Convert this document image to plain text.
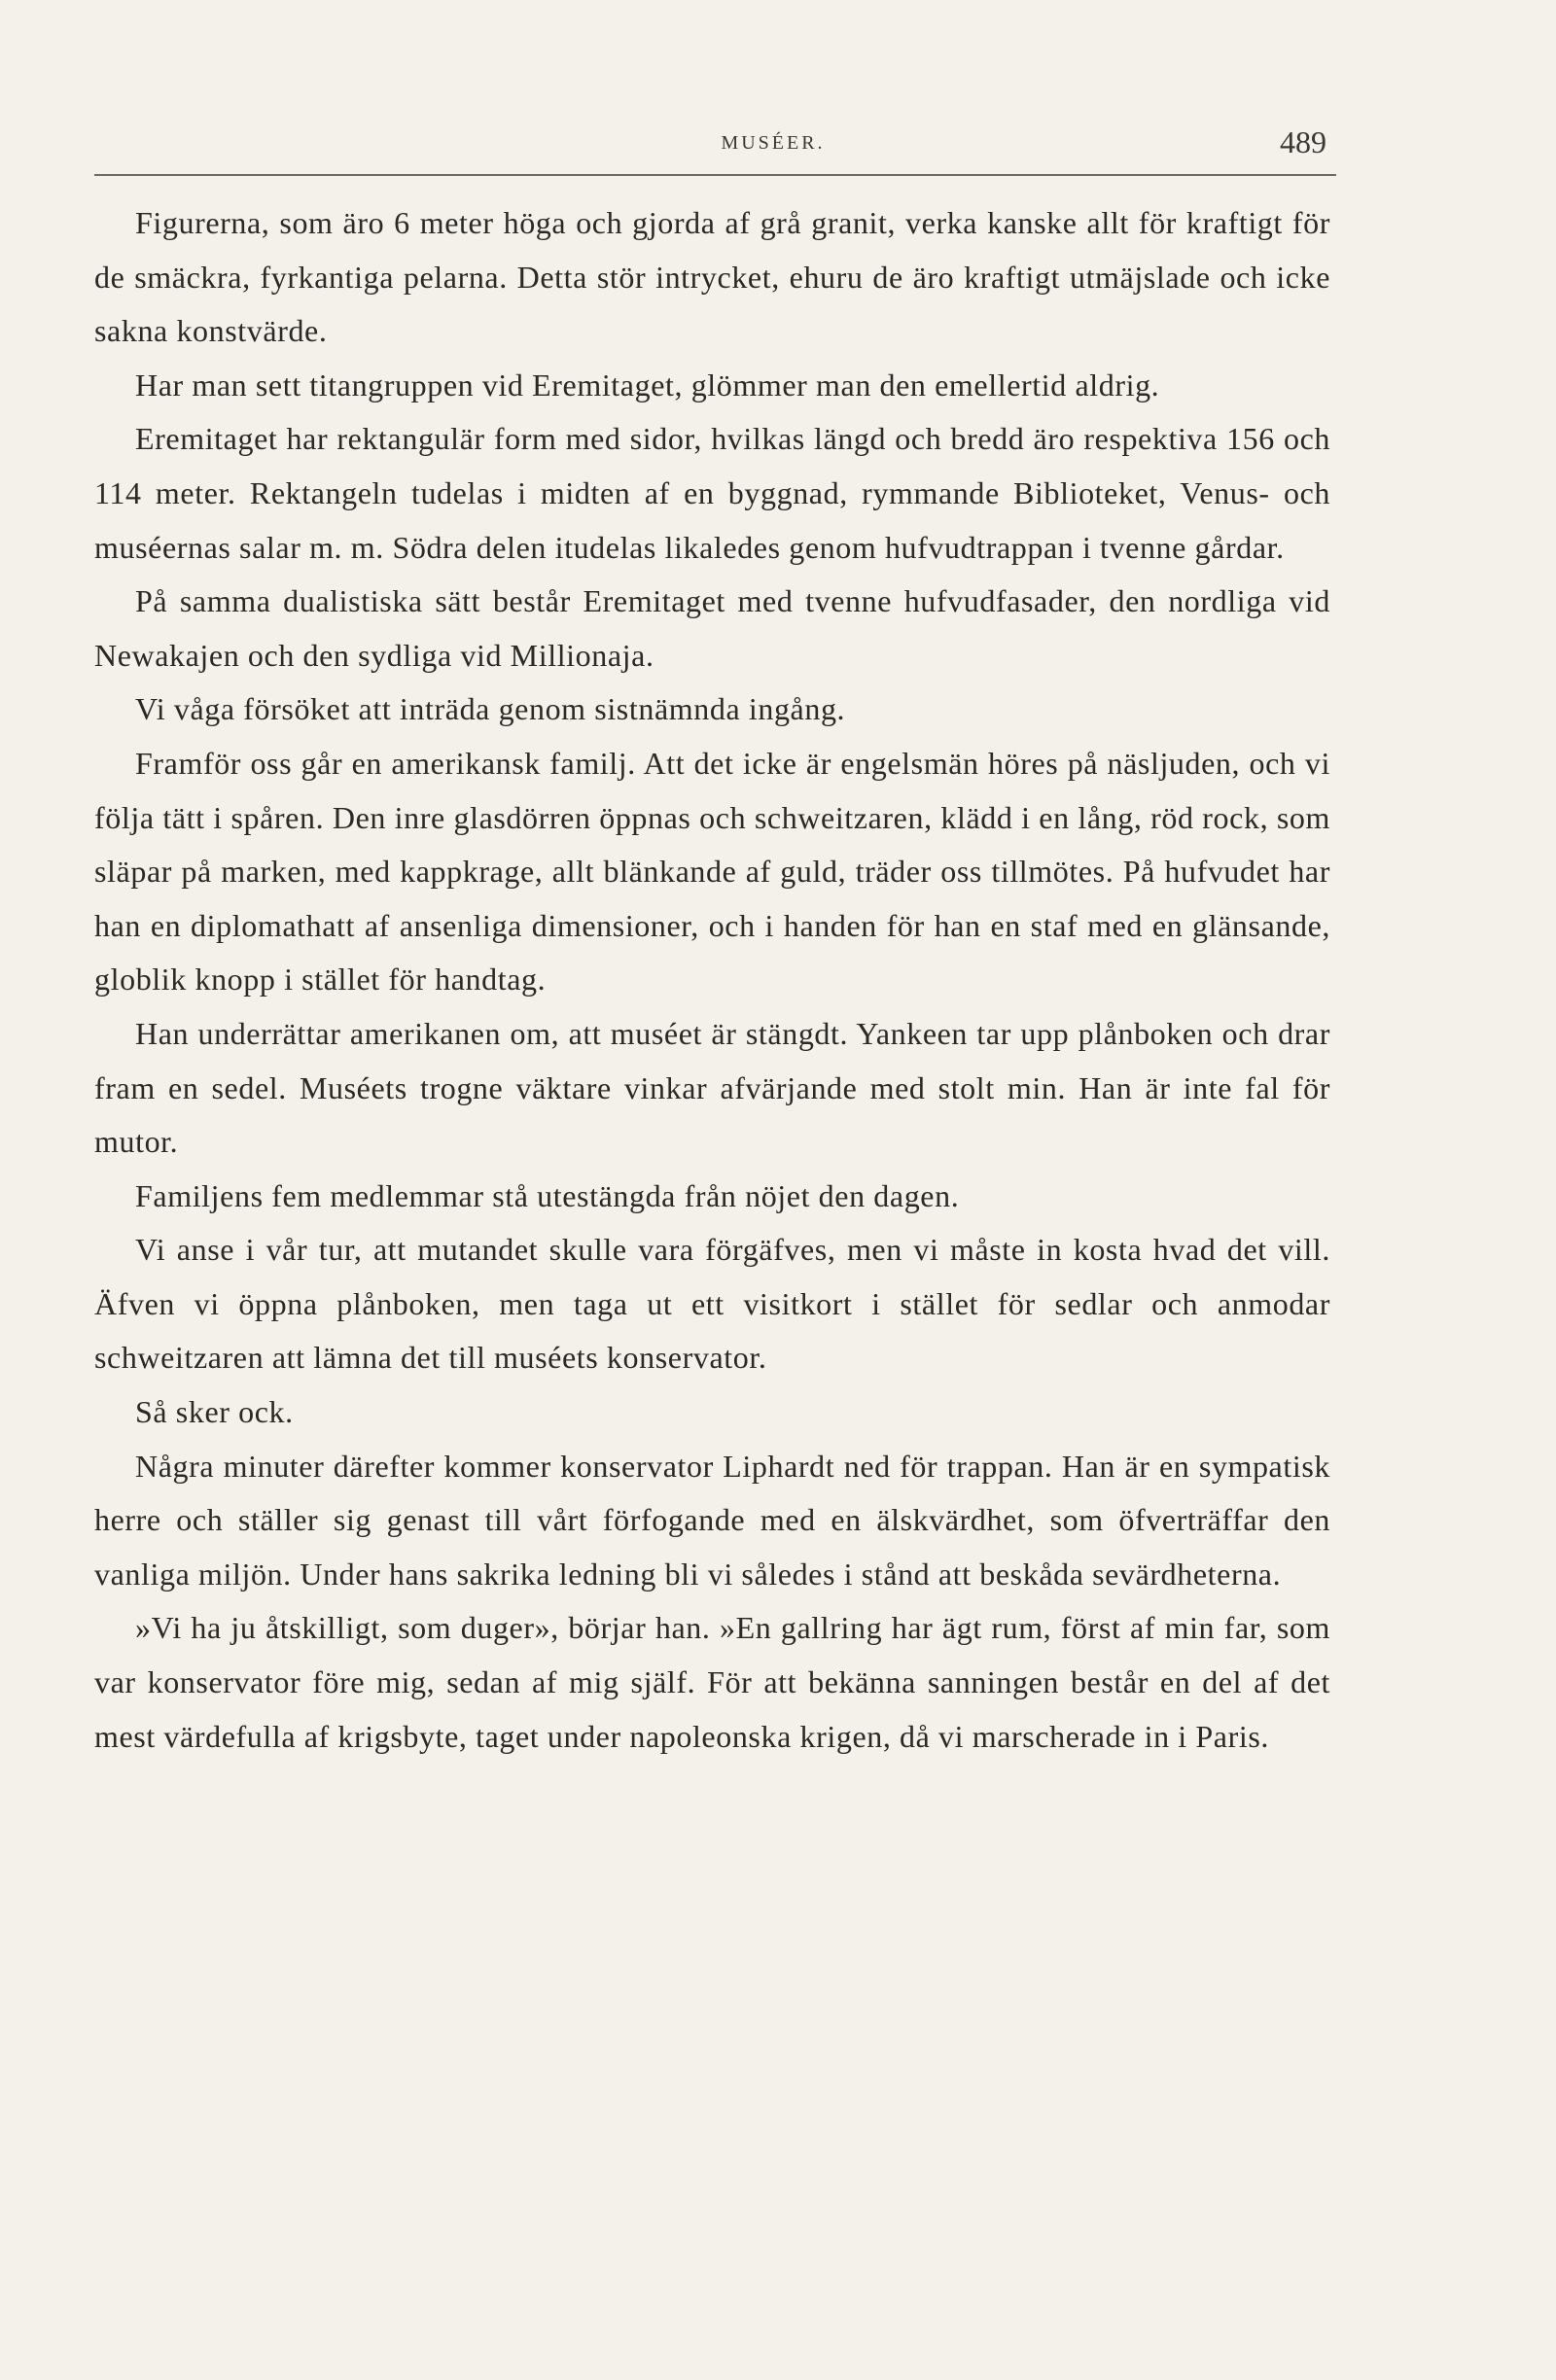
MUSÉER.	489

Figurerna, som äro 6 meter höga och gjorda af grå granit, verka kanske allt för kraftigt för de smäckra, fyrkantiga pelarna. Detta stör intrycket, ehuru de äro kraftigt utmäjslade och icke sakna konstvärde.

Har man sett titangruppen vid Eremitaget, glömmer man den emellertid aldrig.

Eremitaget har rektangulär form med sidor, hvilkas längd och bredd äro respektiva 156 och 114 meter. Rektangeln tudelas i midten af en byggnad, rymmande Biblioteket, Venus- och muséernas salar m. m. Södra delen itudelas likaledes genom hufvudtrappan i tvenne gårdar.

På samma dualistiska sätt består Eremitaget med tvenne hufvudfasader, den nordliga vid Newakajen och den sydliga vid Millionaja.

Vi våga försöket att inträda genom sistnämnda ingång.

Framför oss går en amerikansk familj. Att det icke är engelsmän höres på näsljuden, och vi följa tätt i spåren. Den inre glasdörren öppnas och schweitzaren, klädd i en lång, röd rock, som släpar på marken, med kappkrage, allt blänkande af guld, träder oss tillmötes. På hufvudet har han en diplomathatt af ansenliga dimensioner, och i handen för han en staf med en glänsande, globlik knopp i stället för handtag.

Han underrättar amerikanen om, att muséet är stängdt. Yankeen tar upp plånboken och drar fram en sedel. Muséets trogne väktare vinkar afvärjande med stolt min. Han är inte fal för mutor.

Familjens fem medlemmar stå utestängda från nöjet den dagen.

Vi anse i vår tur, att mutandet skulle vara förgäfves, men vi måste in kosta hvad det vill. Äfven vi öppna plånboken, men taga ut ett visitkort i stället för sedlar och anmodar schweitzaren att lämna det till muséets konservator.

Så sker ock.

Några minuter därefter kommer konservator Liphardt ned för trappan. Han är en sympatisk herre och ställer sig genast till vårt förfogande med en älskvärdhet, som öfverträffar den vanliga miljön. Under hans sakrika ledning bli vi således i stånd att beskåda sevärdheterna.

»Vi ha ju åtskilligt, som duger», börjar han. »En gallring har ägt rum, först af min far, som var konservator före mig, sedan af mig själf. För att bekänna sanningen består en del af det mest värdefulla af krigsbyte, taget under napoleonska krigen, då vi marscherade in i Paris.
